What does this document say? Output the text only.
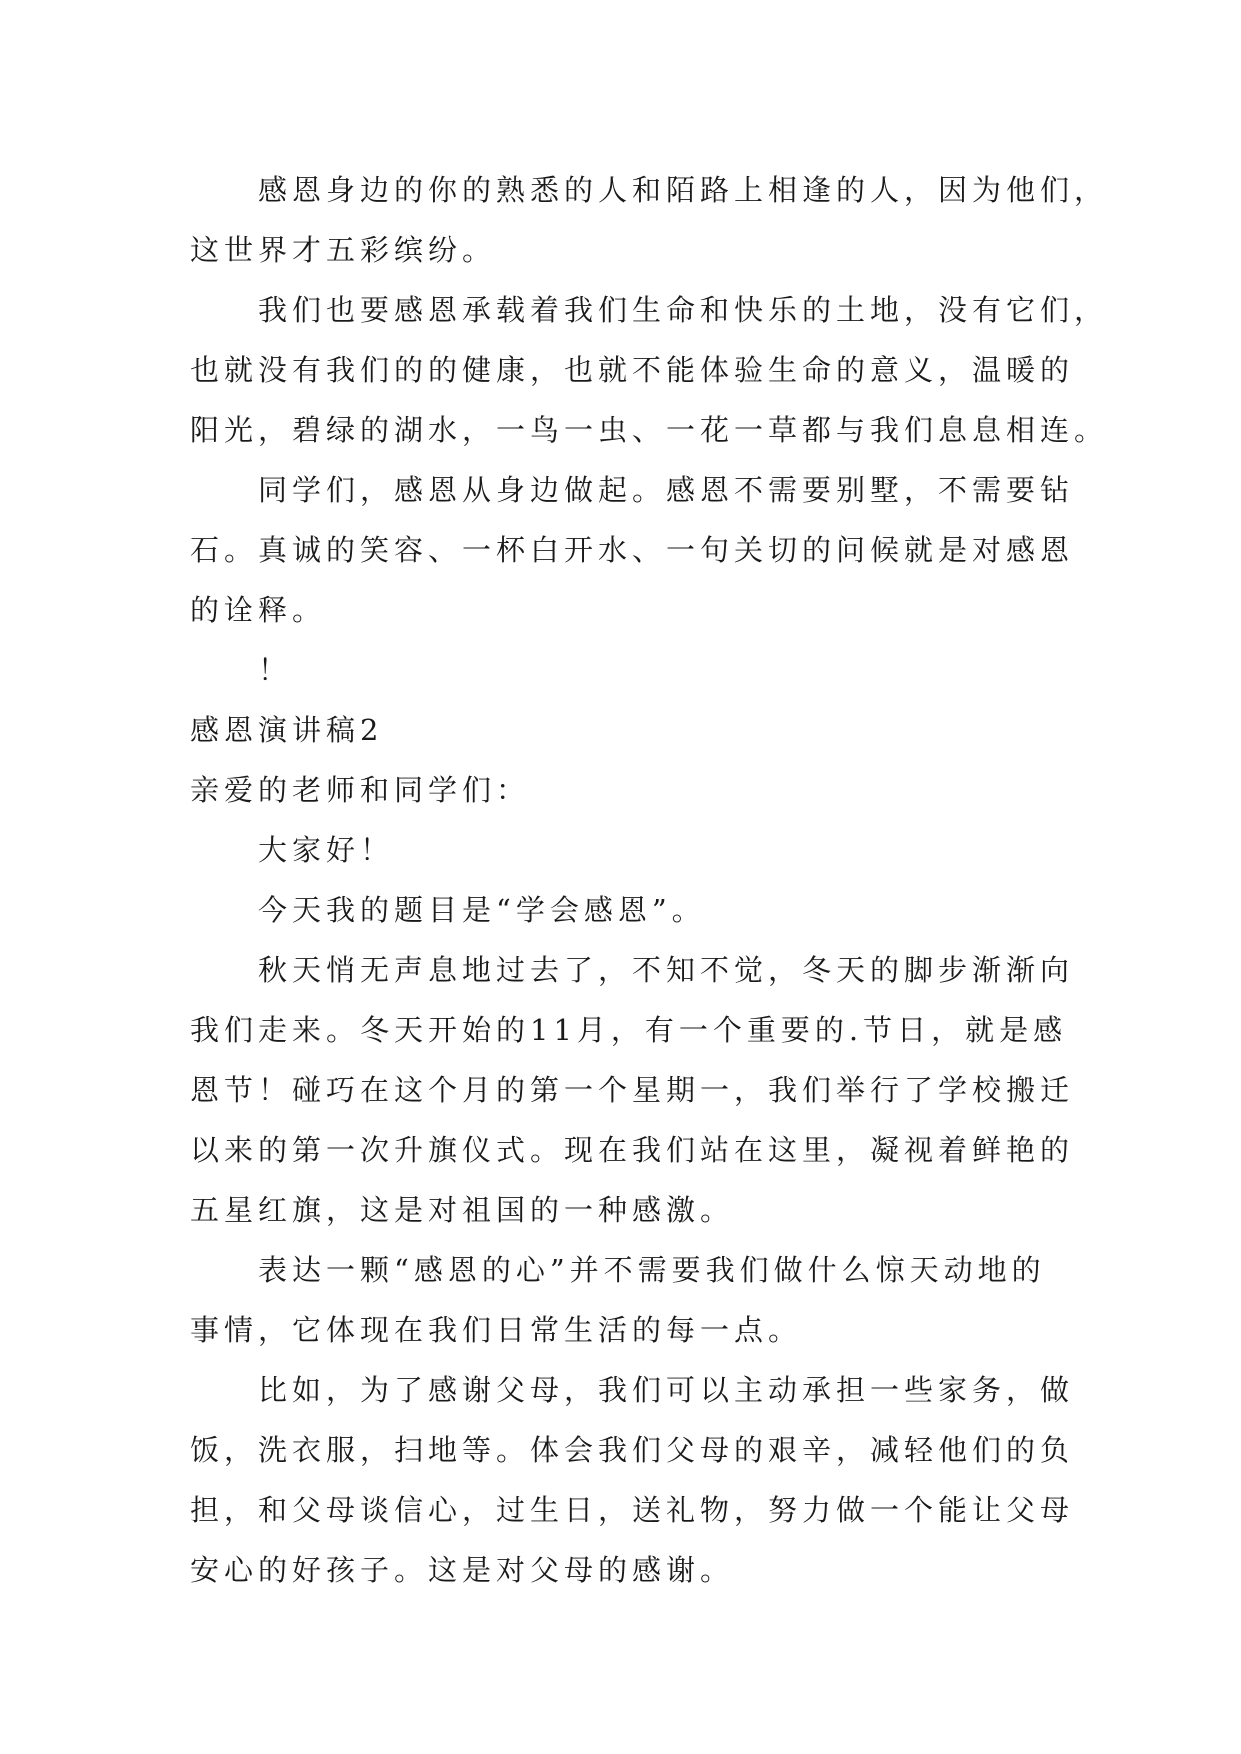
感恩身边的你的熟悉的人和陌路上相逢的人，因为他们，
这世界才五彩缤纷。
我们也要感恩承载着我们生命和快乐的土地，没有它们，
也就没有我们的的健康，也就不能体验生命的意义，温暖的
阳光，碧绿的湖水，一鸟一虫、一花一草都与我们息息相连。
同学们，感恩从身边做起。感恩不需要别墅，不需要钻
石。真诚的笑容、一杯白开水、一句关切的问候就是对感恩
的诠释。
！
感恩演讲稿2
亲爱的老师和同学们：
大家好！
今天我的题目是“学会感恩”。
秋天悄无声息地过去了，不知不觉，冬天的脚步渐渐向
我们走来。冬天开始的11月，有一个重要的.节日，就是感
恩节！碰巧在这个月的第一个星期一，我们举行了学校搬迁
以来的第一次升旗仪式。现在我们站在这里，凝视着鲜艳的
五星红旗，这是对祖国的一种感激。
表达一颗“感恩的心”并不需要我们做什么惊天动地的
事情，它体现在我们日常生活的每一点。
比如，为了感谢父母，我们可以主动承担一些家务，做
饭，洗衣服，扫地等。体会我们父母的艰辛，减轻他们的负
担，和父母谈信心，过生日，送礼物，努力做一个能让父母
安心的好孩子。这是对父母的感谢。
